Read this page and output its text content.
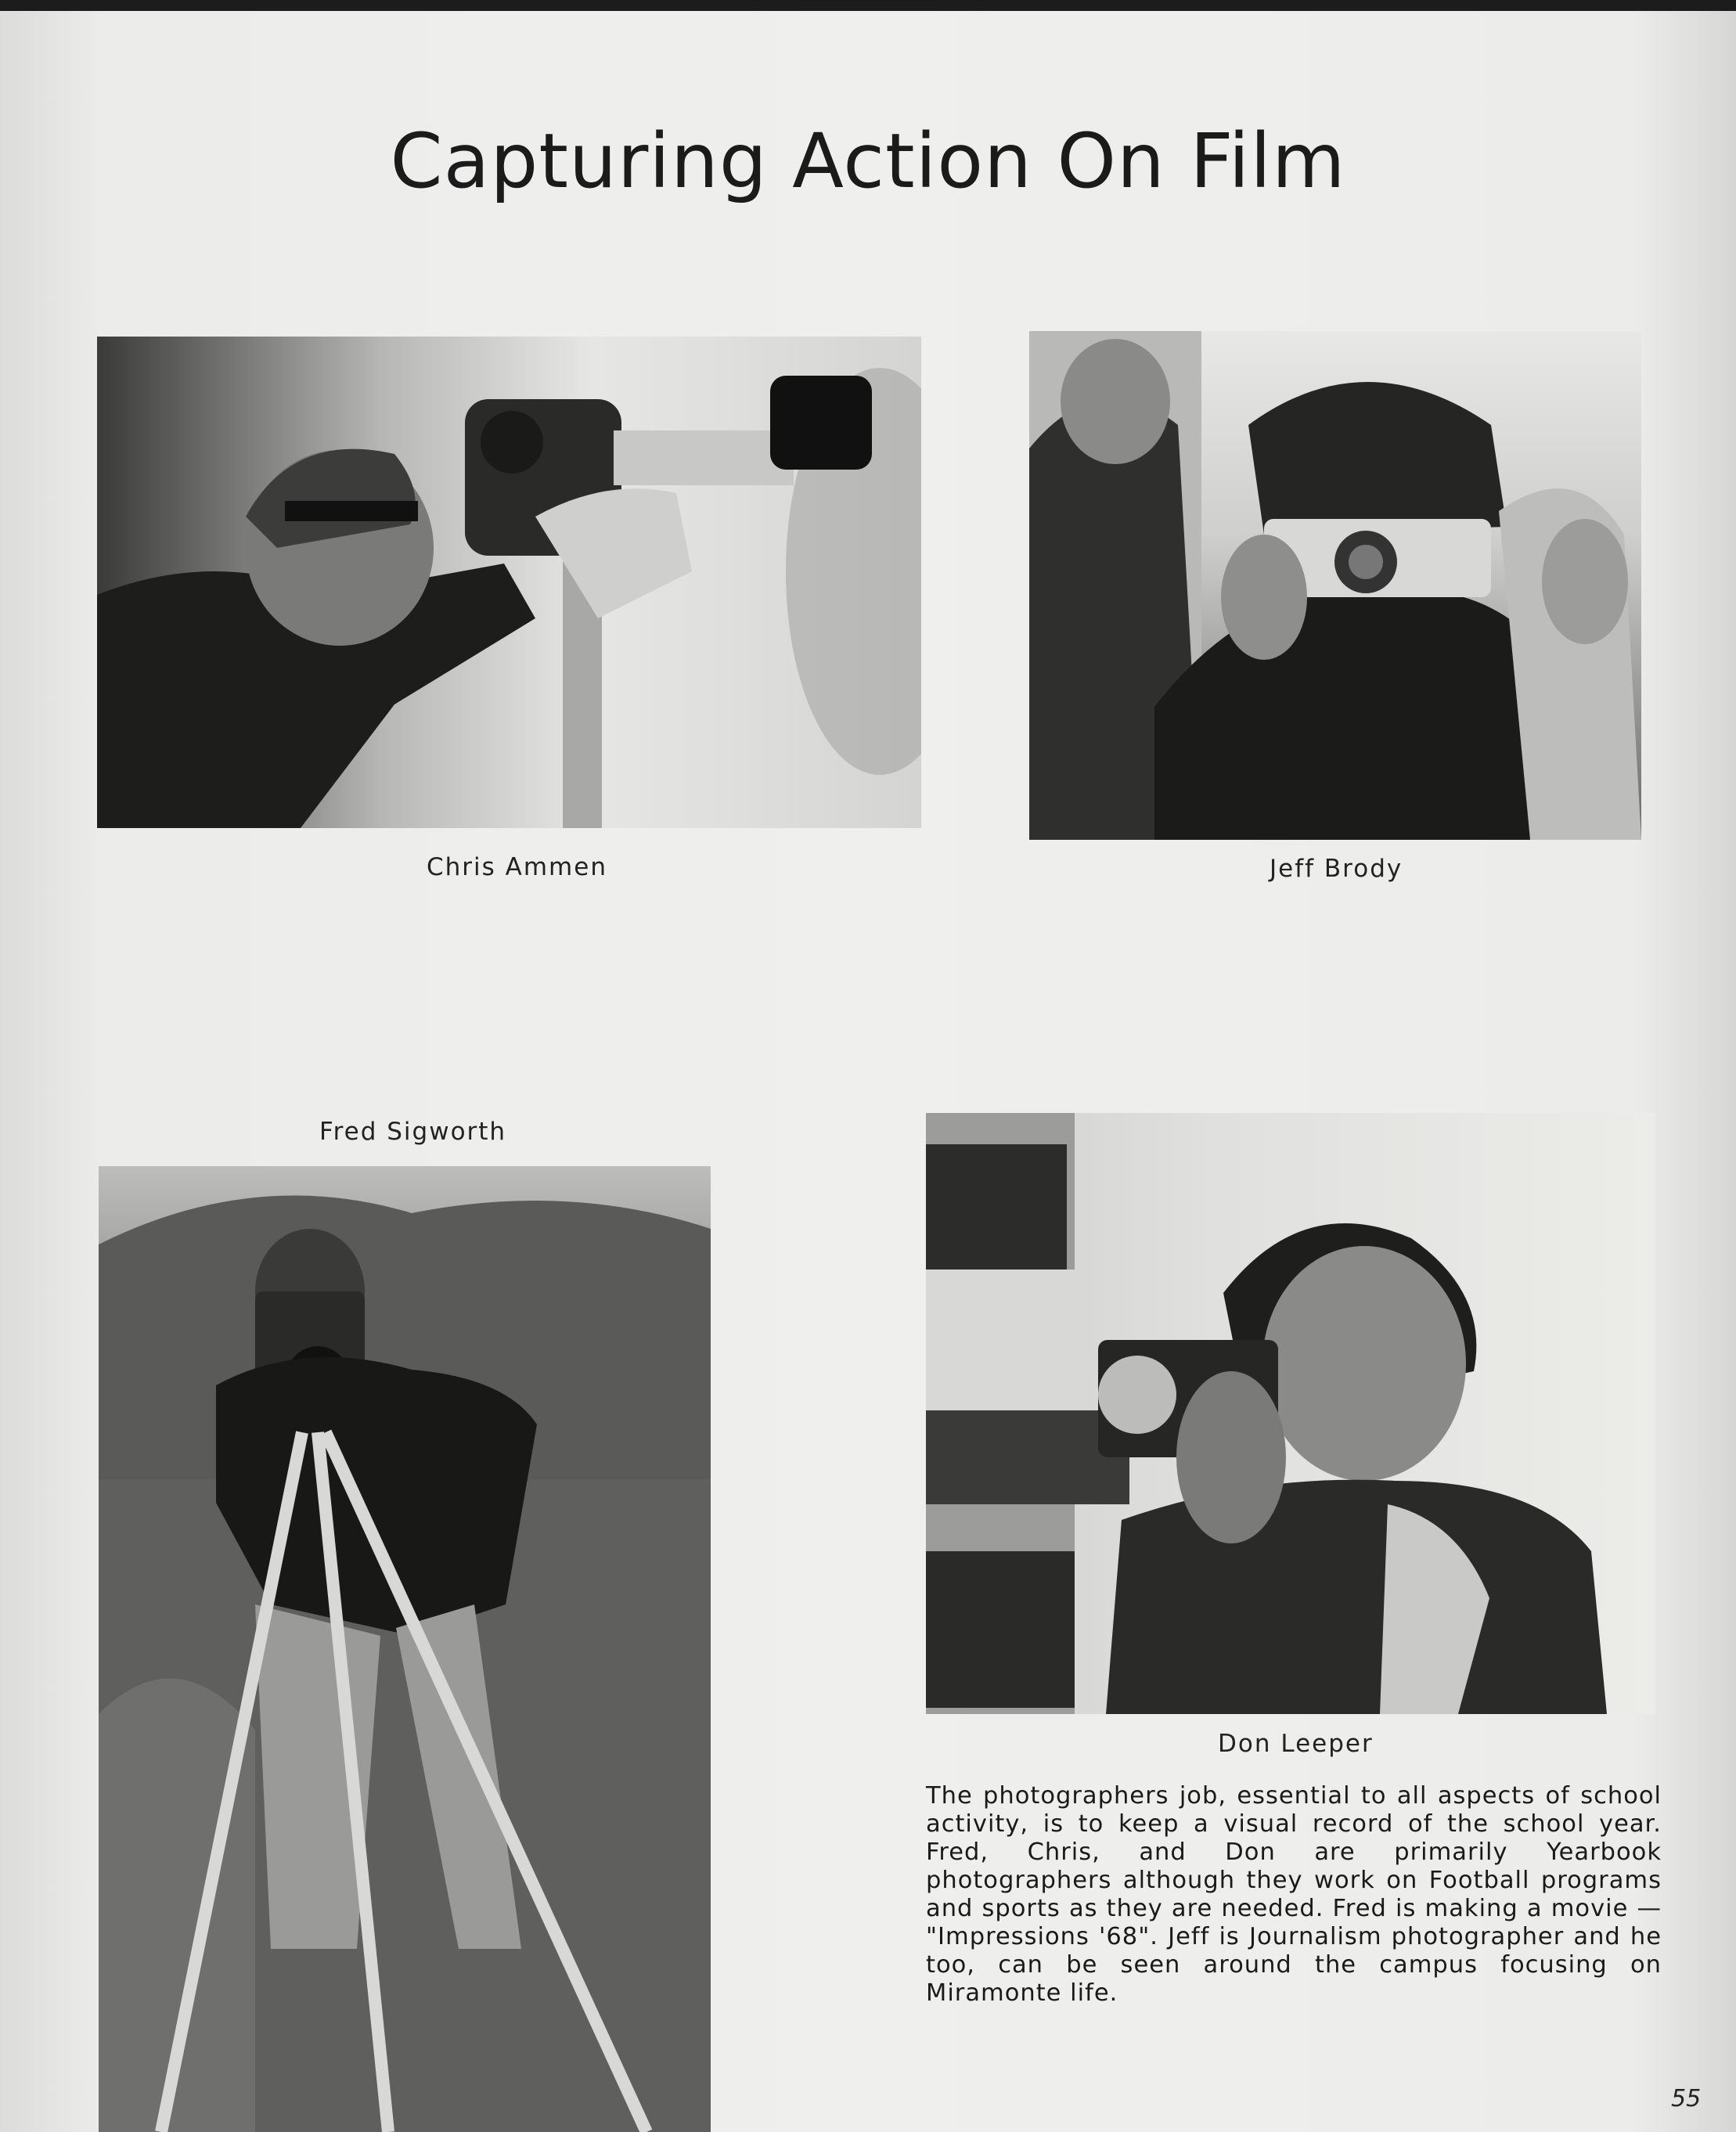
Capturing Action On Film
Chris Ammen	Jeff Brody
Fred Sigworth
Don Leeper
The photographers job, essential to all aspects of school activity, is to keep a visual record of the school year. Fred, Chris, and Don are primarily Yearbook photographers although they work on Football programs and sports as they are needed. Fred is making a movie — "Impressions '68". Jeff is Journalism photographer and he too, can be seen around the campus focusing on Miramonte life.
55
